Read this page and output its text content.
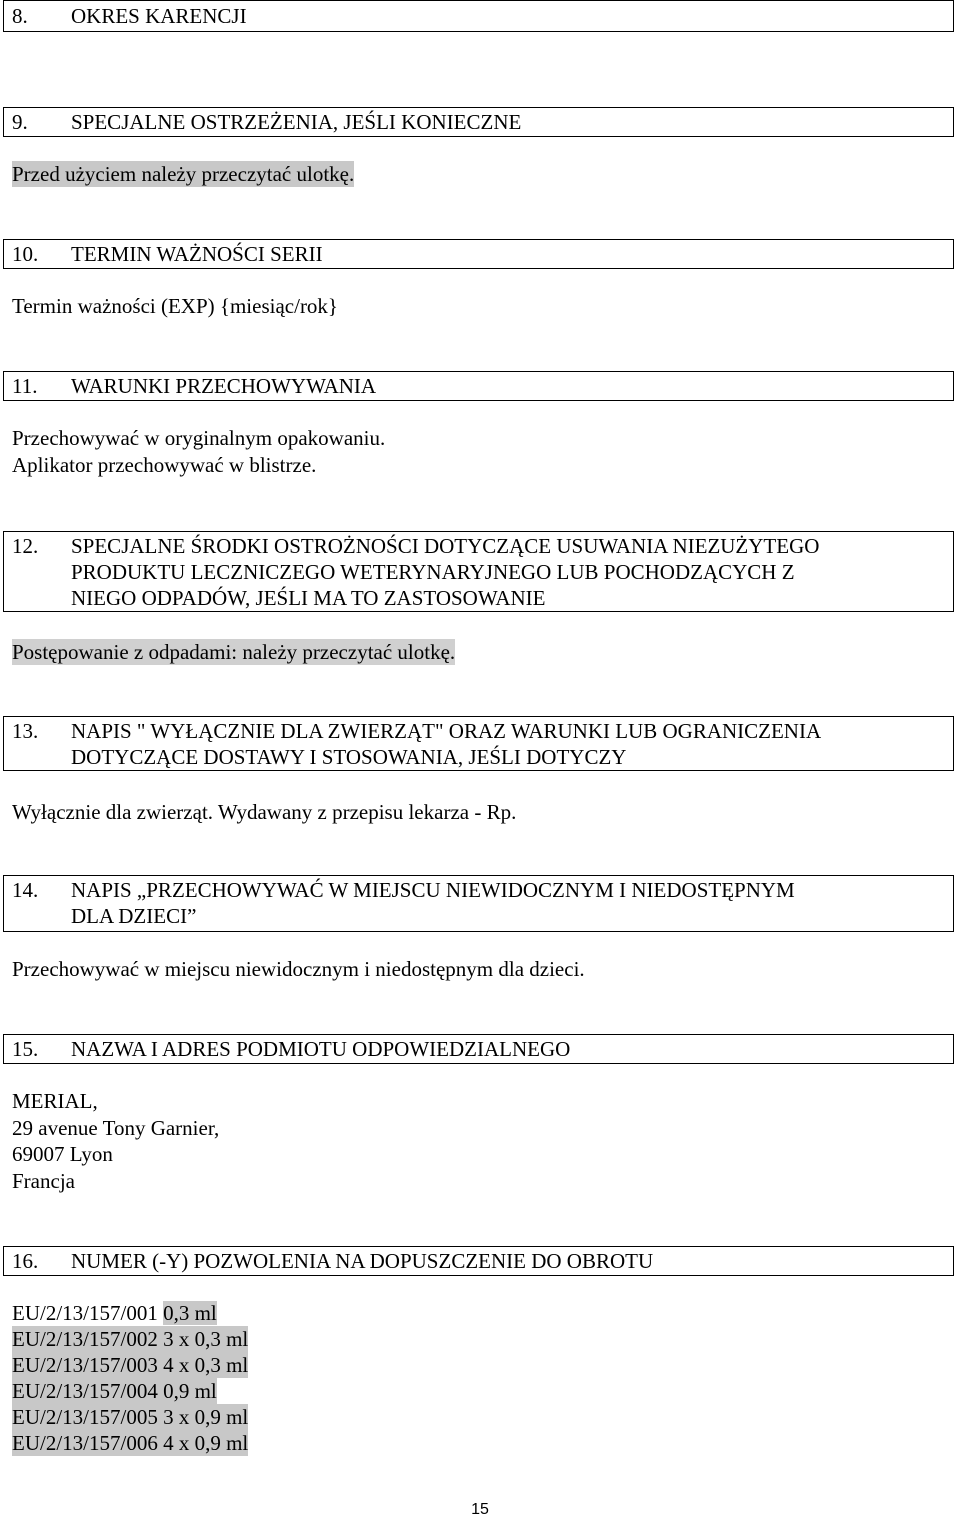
8. OKRES KARENCJI
9. SPECJALNE OSTRZEŻENIA, JEŚLI KONIECZNE
Przed użyciem należy przeczytać ulotkę.
10. TERMIN WAŻNOŚCI SERII
Termin ważności (EXP) {miesiąc/rok}
11. WARUNKI PRZECHOWYWANIA
Przechowywać w oryginalnym opakowaniu.
Aplikator przechowywać w blistrze.
12. SPECJALNE ŚRODKI OSTROŻNOŚCI DOTYCZĄCE USUWANIA NIEZUŻYTEGO
PRODUKTU LECZNICZEGO WETERYNARYJNEGO LUB POCHODZĄCYCH Z
NIEGO ODPADÓW, JEŚLI MA TO ZASTOSOWANIE
Postępowanie z odpadami: należy przeczytać ulotkę.
13. NAPIS " WYŁĄCZNIE DLA ZWIERZĄT" ORAZ WARUNKI LUB OGRANICZENIA
DOTYCZĄCE DOSTAWY I STOSOWANIA, JEŚLI DOTYCZY
Wyłącznie dla zwierząt. Wydawany z przepisu lekarza - Rp.
14. NAPIS „PRZECHOWYWAĆ W MIEJSCU NIEWIDOCZNYM I NIEDOSTĘPNYM
DLA DZIECI”
Przechowywać w miejscu niewidocznym i niedostępnym dla dzieci.
15. NAZWA I ADRES PODMIOTU ODPOWIEDZIALNEGO
MERIAL,
29 avenue Tony Garnier,
69007 Lyon
Francja
16. NUMER (-Y) POZWOLENIA NA DOPUSZCZENIE DO OBROTU
EU/2/13/157/001 0,3 ml
EU/2/13/157/002 3 x 0,3 ml
EU/2/13/157/003 4 x 0,3 ml
EU/2/13/157/004 0,9 ml
EU/2/13/157/005 3 x 0,9 ml
EU/2/13/157/006 4 x 0,9 ml
15
